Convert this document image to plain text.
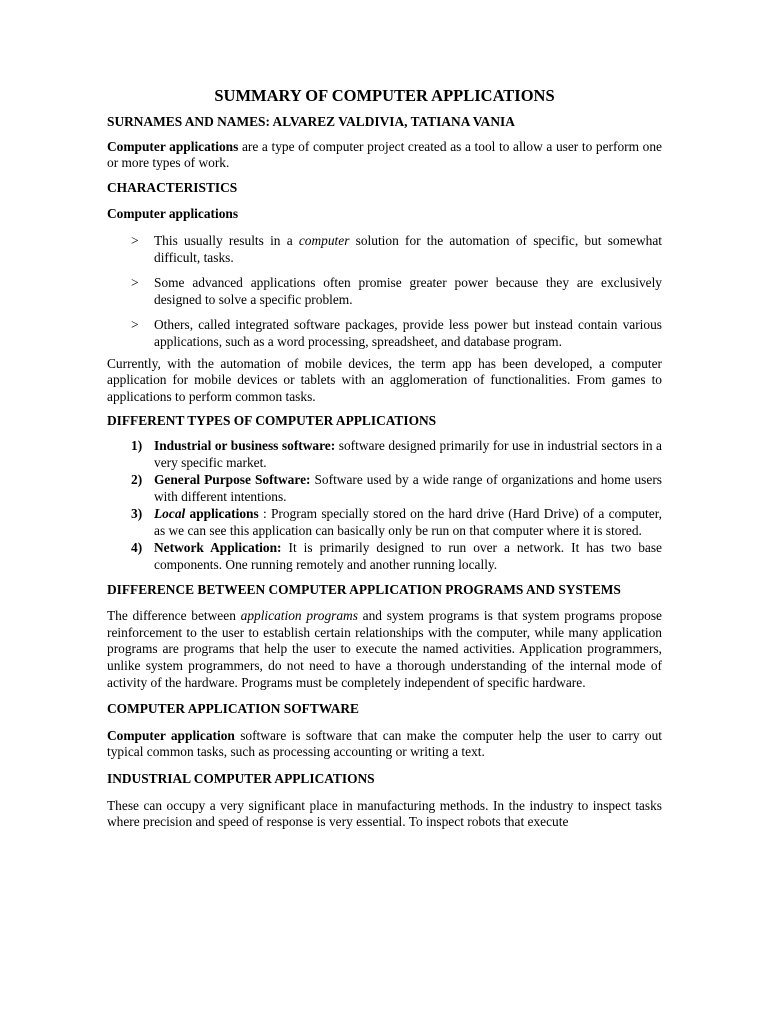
SUMMARY OF COMPUTER APPLICATIONS
SURNAMES AND NAMES: ALVAREZ VALDIVIA, TATIANA VANIA

Computer applications are a type of computer project created as a tool to allow a user to perform one or more types of work.

CHARACTERISTICS
Computer applications
> This usually results in a computer solution for the automation of specific, but somewhat difficult, tasks.
> Some advanced applications often promise greater power because they are exclusively designed to solve a specific problem.
> Others, called integrated software packages, provide less power but instead contain various applications, such as a word processing, spreadsheet, and database program.

Currently, with the automation of mobile devices, the term app has been developed, a computer application for mobile devices or tablets with an agglomeration of functionalities. From games to applications to perform common tasks.

DIFFERENT TYPES OF COMPUTER APPLICATIONS
1) Industrial or business software: software designed primarily for use in industrial sectors in a very specific market.
2) General Purpose Software: Software used by a wide range of organizations and home users with different intentions.
3) Local applications : Program specially stored on the hard drive (Hard Drive) of a computer, as we can see this application can basically only be run on that computer where it is stored.
4) Network Application: It is primarily designed to run over a network. It has two base components. One running remotely and another running locally.
DIFFERENCE BETWEEN COMPUTER APPLICATION PROGRAMS AND SYSTEMS

The difference between application programs and system programs is that system programs propose reinforcement to the user to establish certain relationships with the computer, while many application programs are programs that help the user to execute the named activities. Application programmers, unlike system programmers, do not need to have a thorough understanding of the internal mode of activity of the hardware. Programs must be completely independent of specific hardware.

COMPUTER APPLICATION SOFTWARE

Computer application software is software that can make the computer help the user to carry out typical common tasks, such as processing accounting or writing a text.

INDUSTRIAL COMPUTER APPLICATIONS

These can occupy a very significant place in manufacturing methods. In the industry to inspect tasks where precision and speed of response is very essential. To inspect robots that execute
